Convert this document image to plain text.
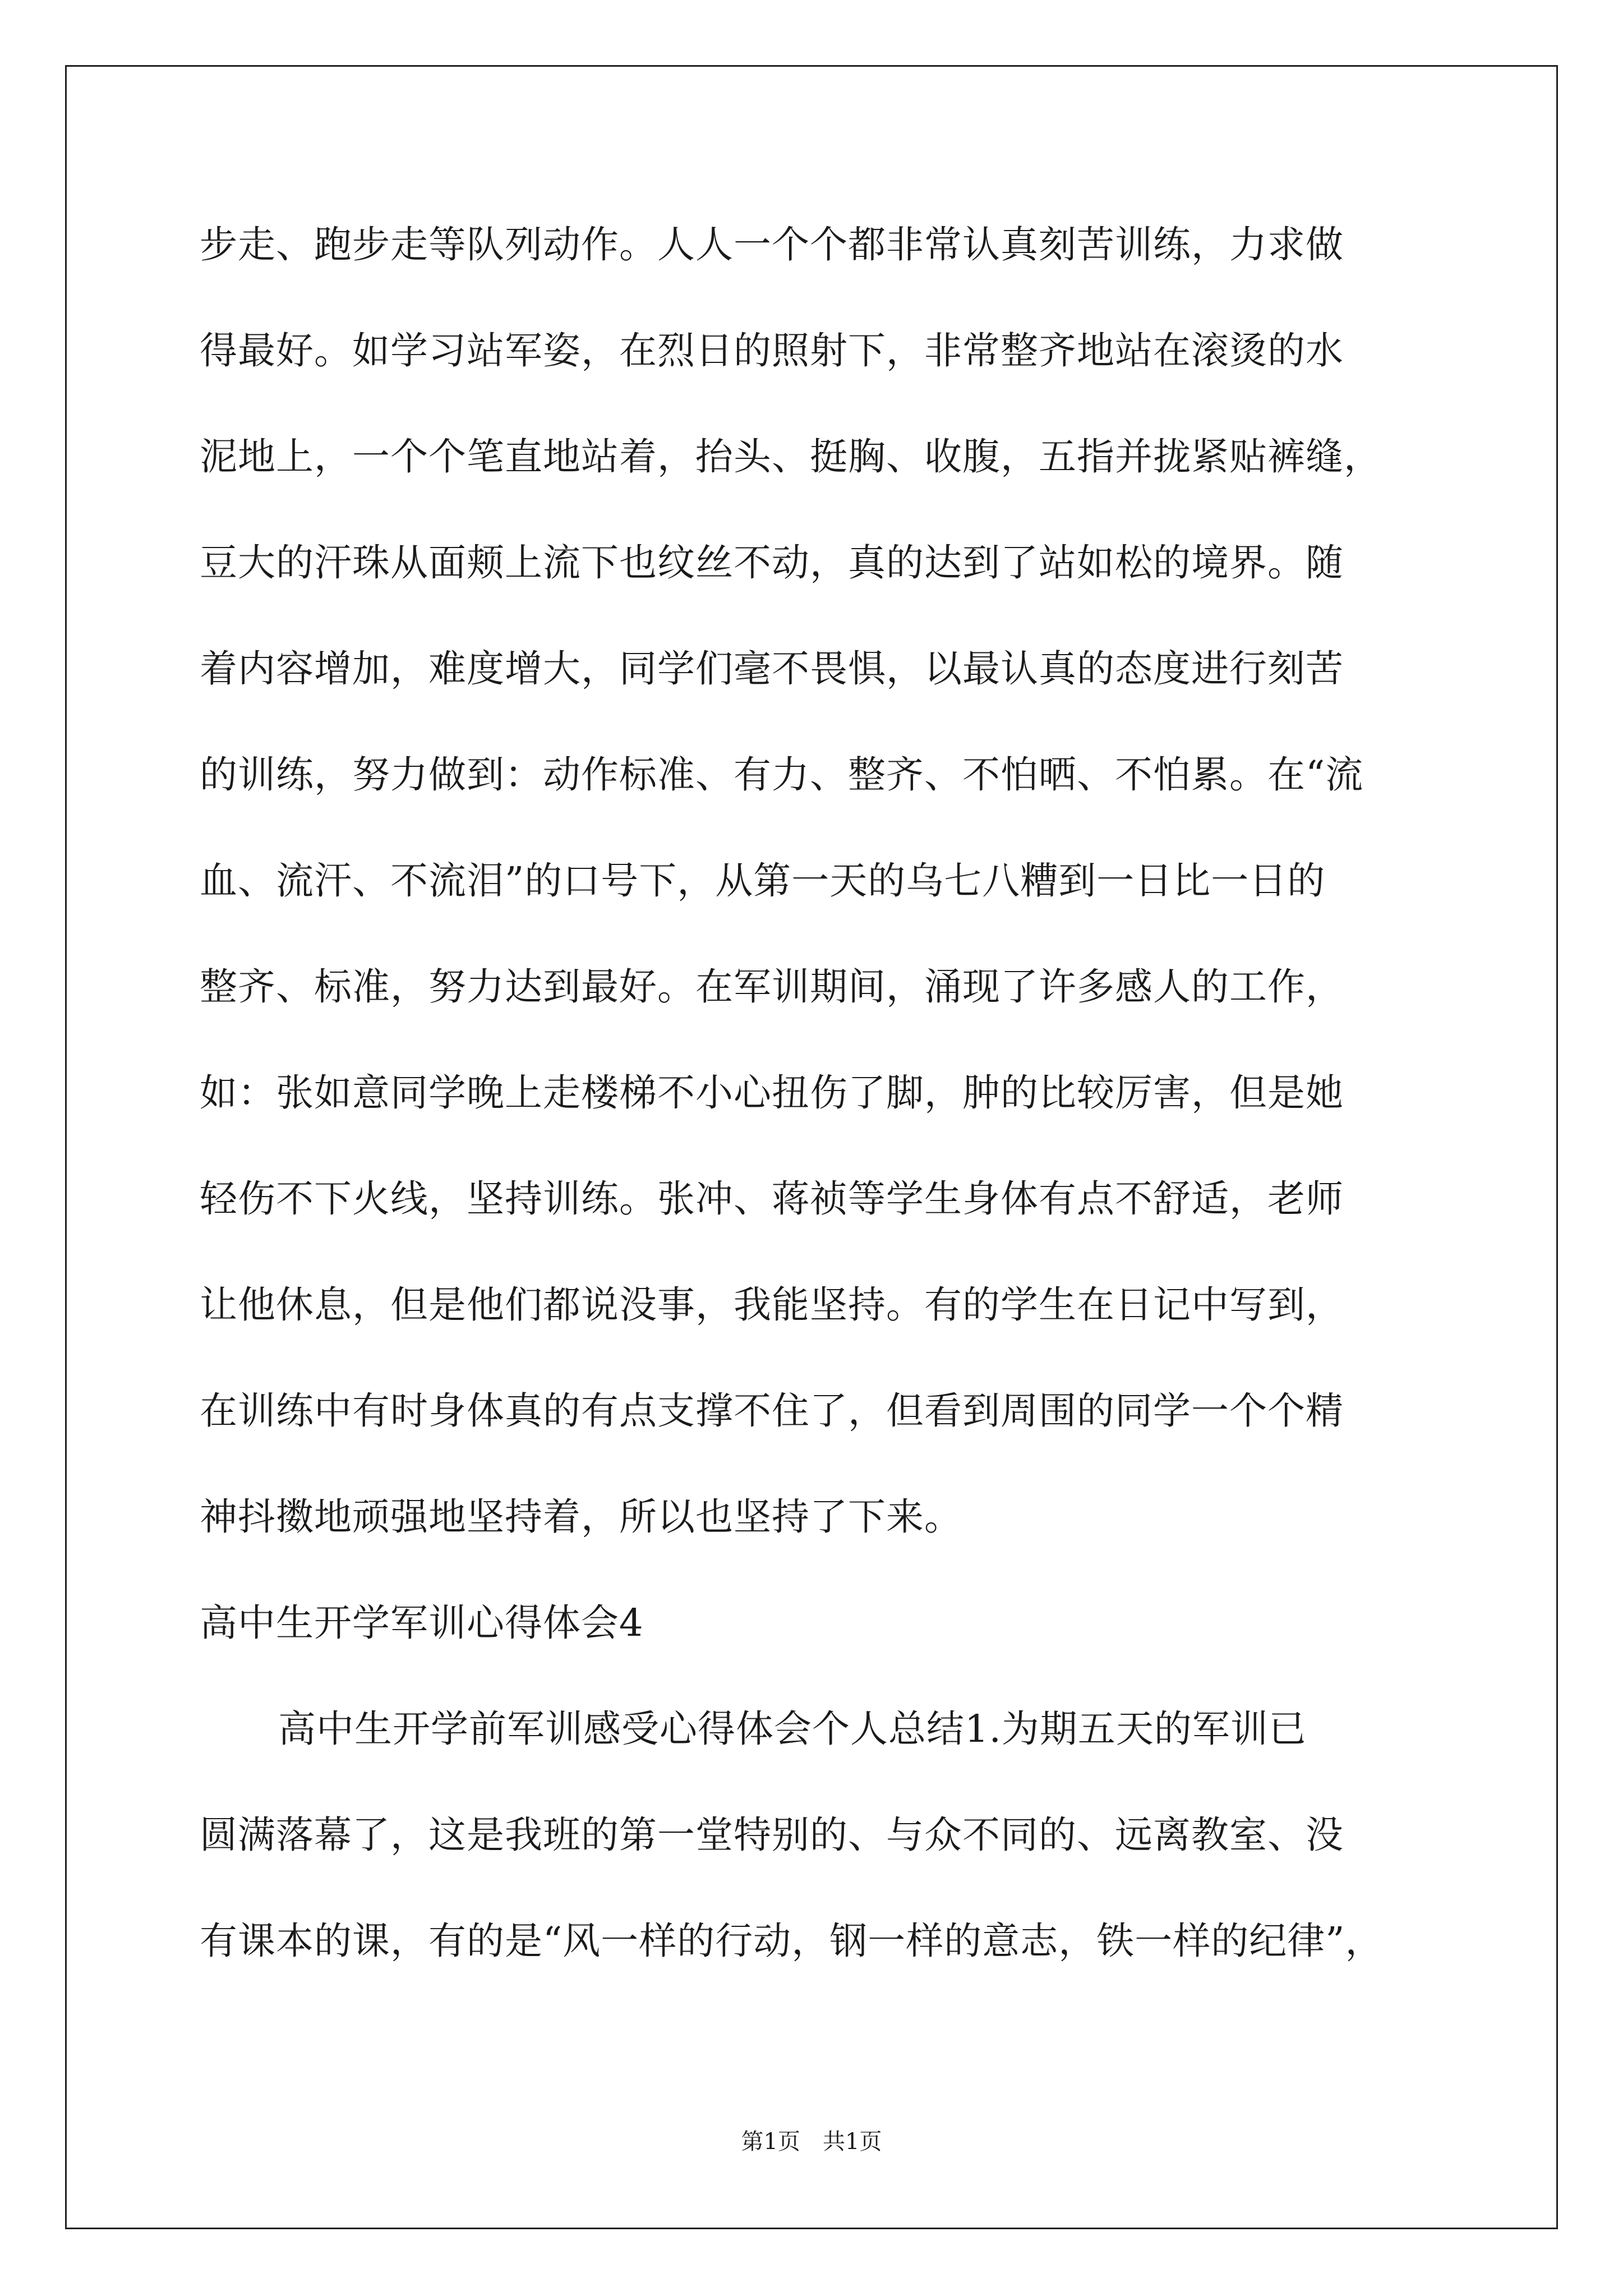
步走、跑步走等队列动作。人人一个个都非常认真刻苦训练，力求做
得最好。如学习站军姿，在烈日的照射下，非常整齐地站在滚烫的水
泥地上，一个个笔直地站着，抬头、挺胸、收腹，五指并拢紧贴裤缝，
豆大的汗珠从面颊上流下也纹丝不动，真的达到了站如松的境界。随
着内容增加，难度增大，同学们毫不畏惧，以最认真的态度进行刻苦
的训练，努力做到：动作标准、有力、整齐、不怕晒、不怕累。在“流
血、流汗、不流泪”的口号下，从第一天的乌七八糟到一日比一日的
整齐、标准，努力达到最好。在军训期间，涌现了许多感人的工作，
如：张如意同学晚上走楼梯不小心扭伤了脚，肿的比较厉害，但是她
轻伤不下火线，坚持训练。张冲、蒋祯等学生身体有点不舒适，老师
让他休息，但是他们都说没事，我能坚持。有的学生在日记中写到，
在训练中有时身体真的有点支撑不住了，但看到周围的同学一个个精
神抖擞地顽强地坚持着，所以也坚持了下来。
高中生开学军训心得体会4
高中生开学前军训感受心得体会个人总结1.为期五天的军训已
圆满落幕了，这是我班的第一堂特别的、与众不同的、远离教室、没
有课本的课，有的是“风一样的行动，钢一样的意志，铁一样的纪律”，
第1页　共1页
